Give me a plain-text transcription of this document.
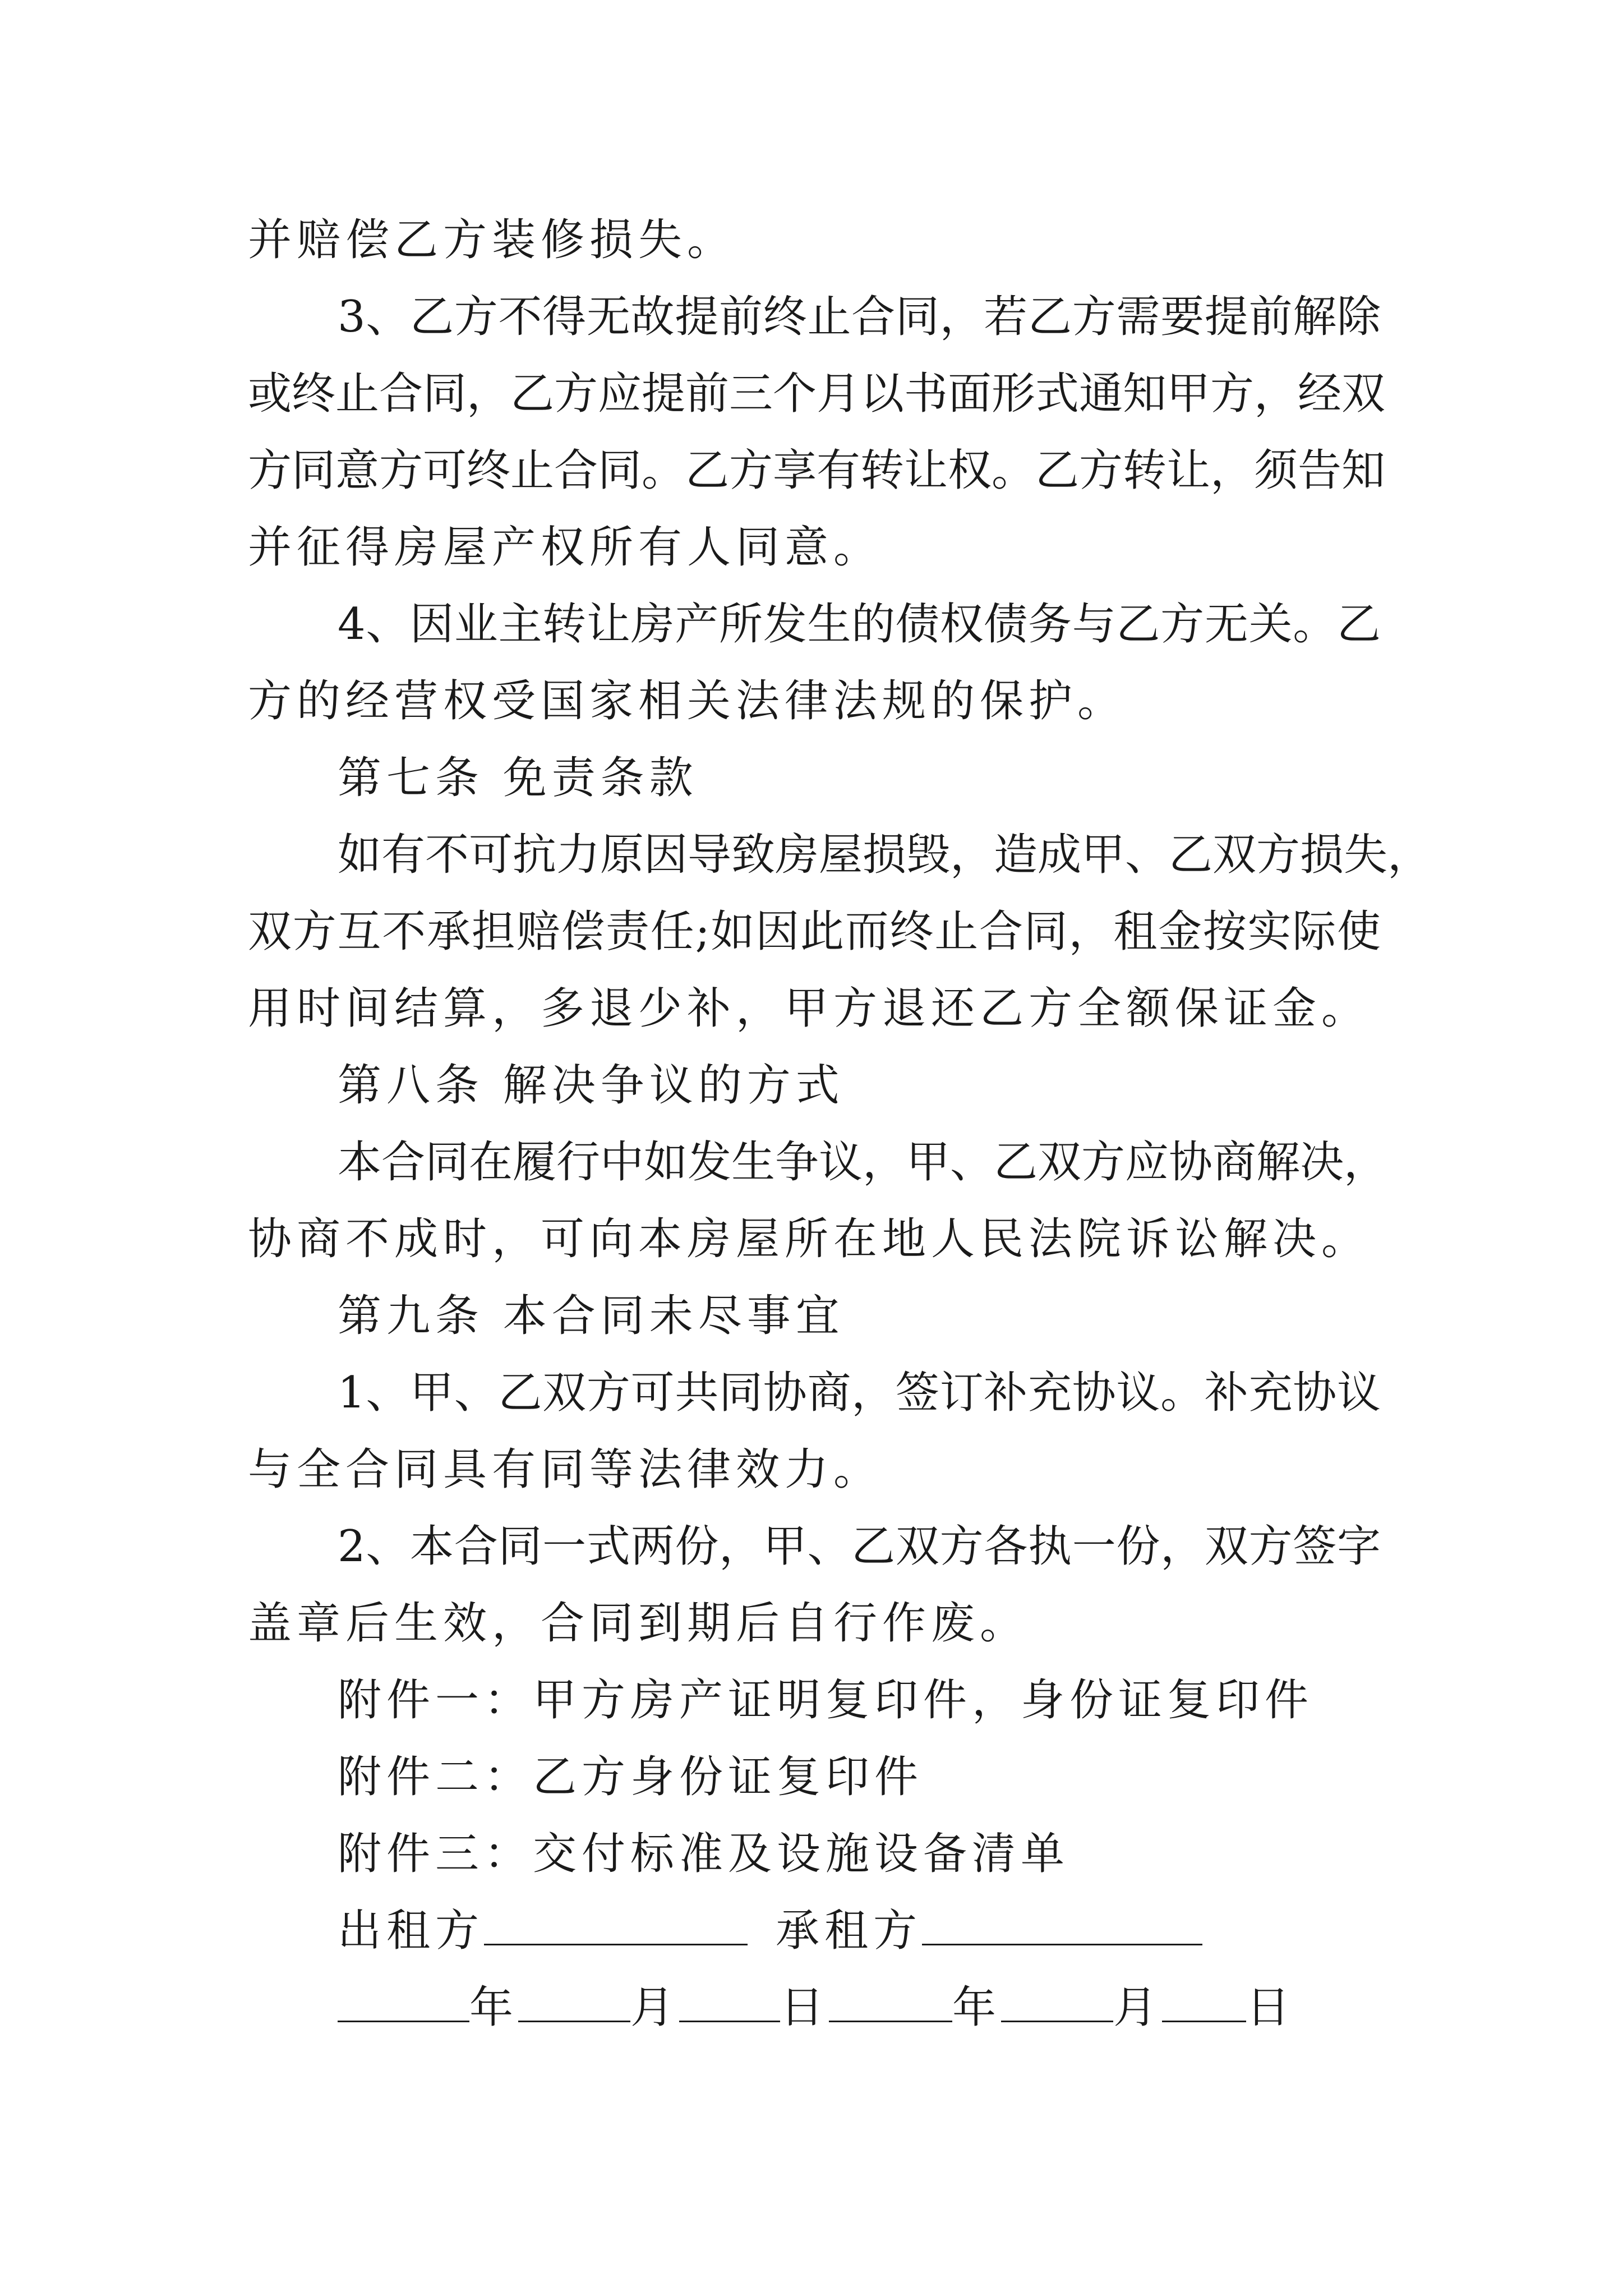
并赔偿乙方装修损失。
3、乙方不得无故提前终止合同，若乙方需要提前解除
或终止合同，乙方应提前三个月以书面形式通知甲方，经双
方同意方可终止合同。乙方享有转让权。乙方转让，须告知
并征得房屋产权所有人同意。
4、因业主转让房产所发生的债权债务与乙方无关。乙
方的经营权受国家相关法律法规的保护。
第七条 免责条款
如有不可抗力原因导致房屋损毁，造成甲、乙双方损失，
双方互不承担赔偿责任;如因此而终止合同，租金按实际使
用时间结算，多退少补，甲方退还乙方全额保证金。
第八条 解决争议的方式
本合同在履行中如发生争议，甲、乙双方应协商解决，
协商不成时，可向本房屋所在地人民法院诉讼解决。
第九条 本合同未尽事宜
1、甲、乙双方可共同协商，签订补充协议。补充协议
与全合同具有同等法律效力。
2、本合同一式两份，甲、乙双方各执一份，双方签字
盖章后生效，合同到期后自行作废。
附件一：甲方房产证明复印件，身份证复印件
附件二：乙方身份证复印件
附件三：交付标准及设施设备清单
出租方	承租方
年	月 日	年	月 日
